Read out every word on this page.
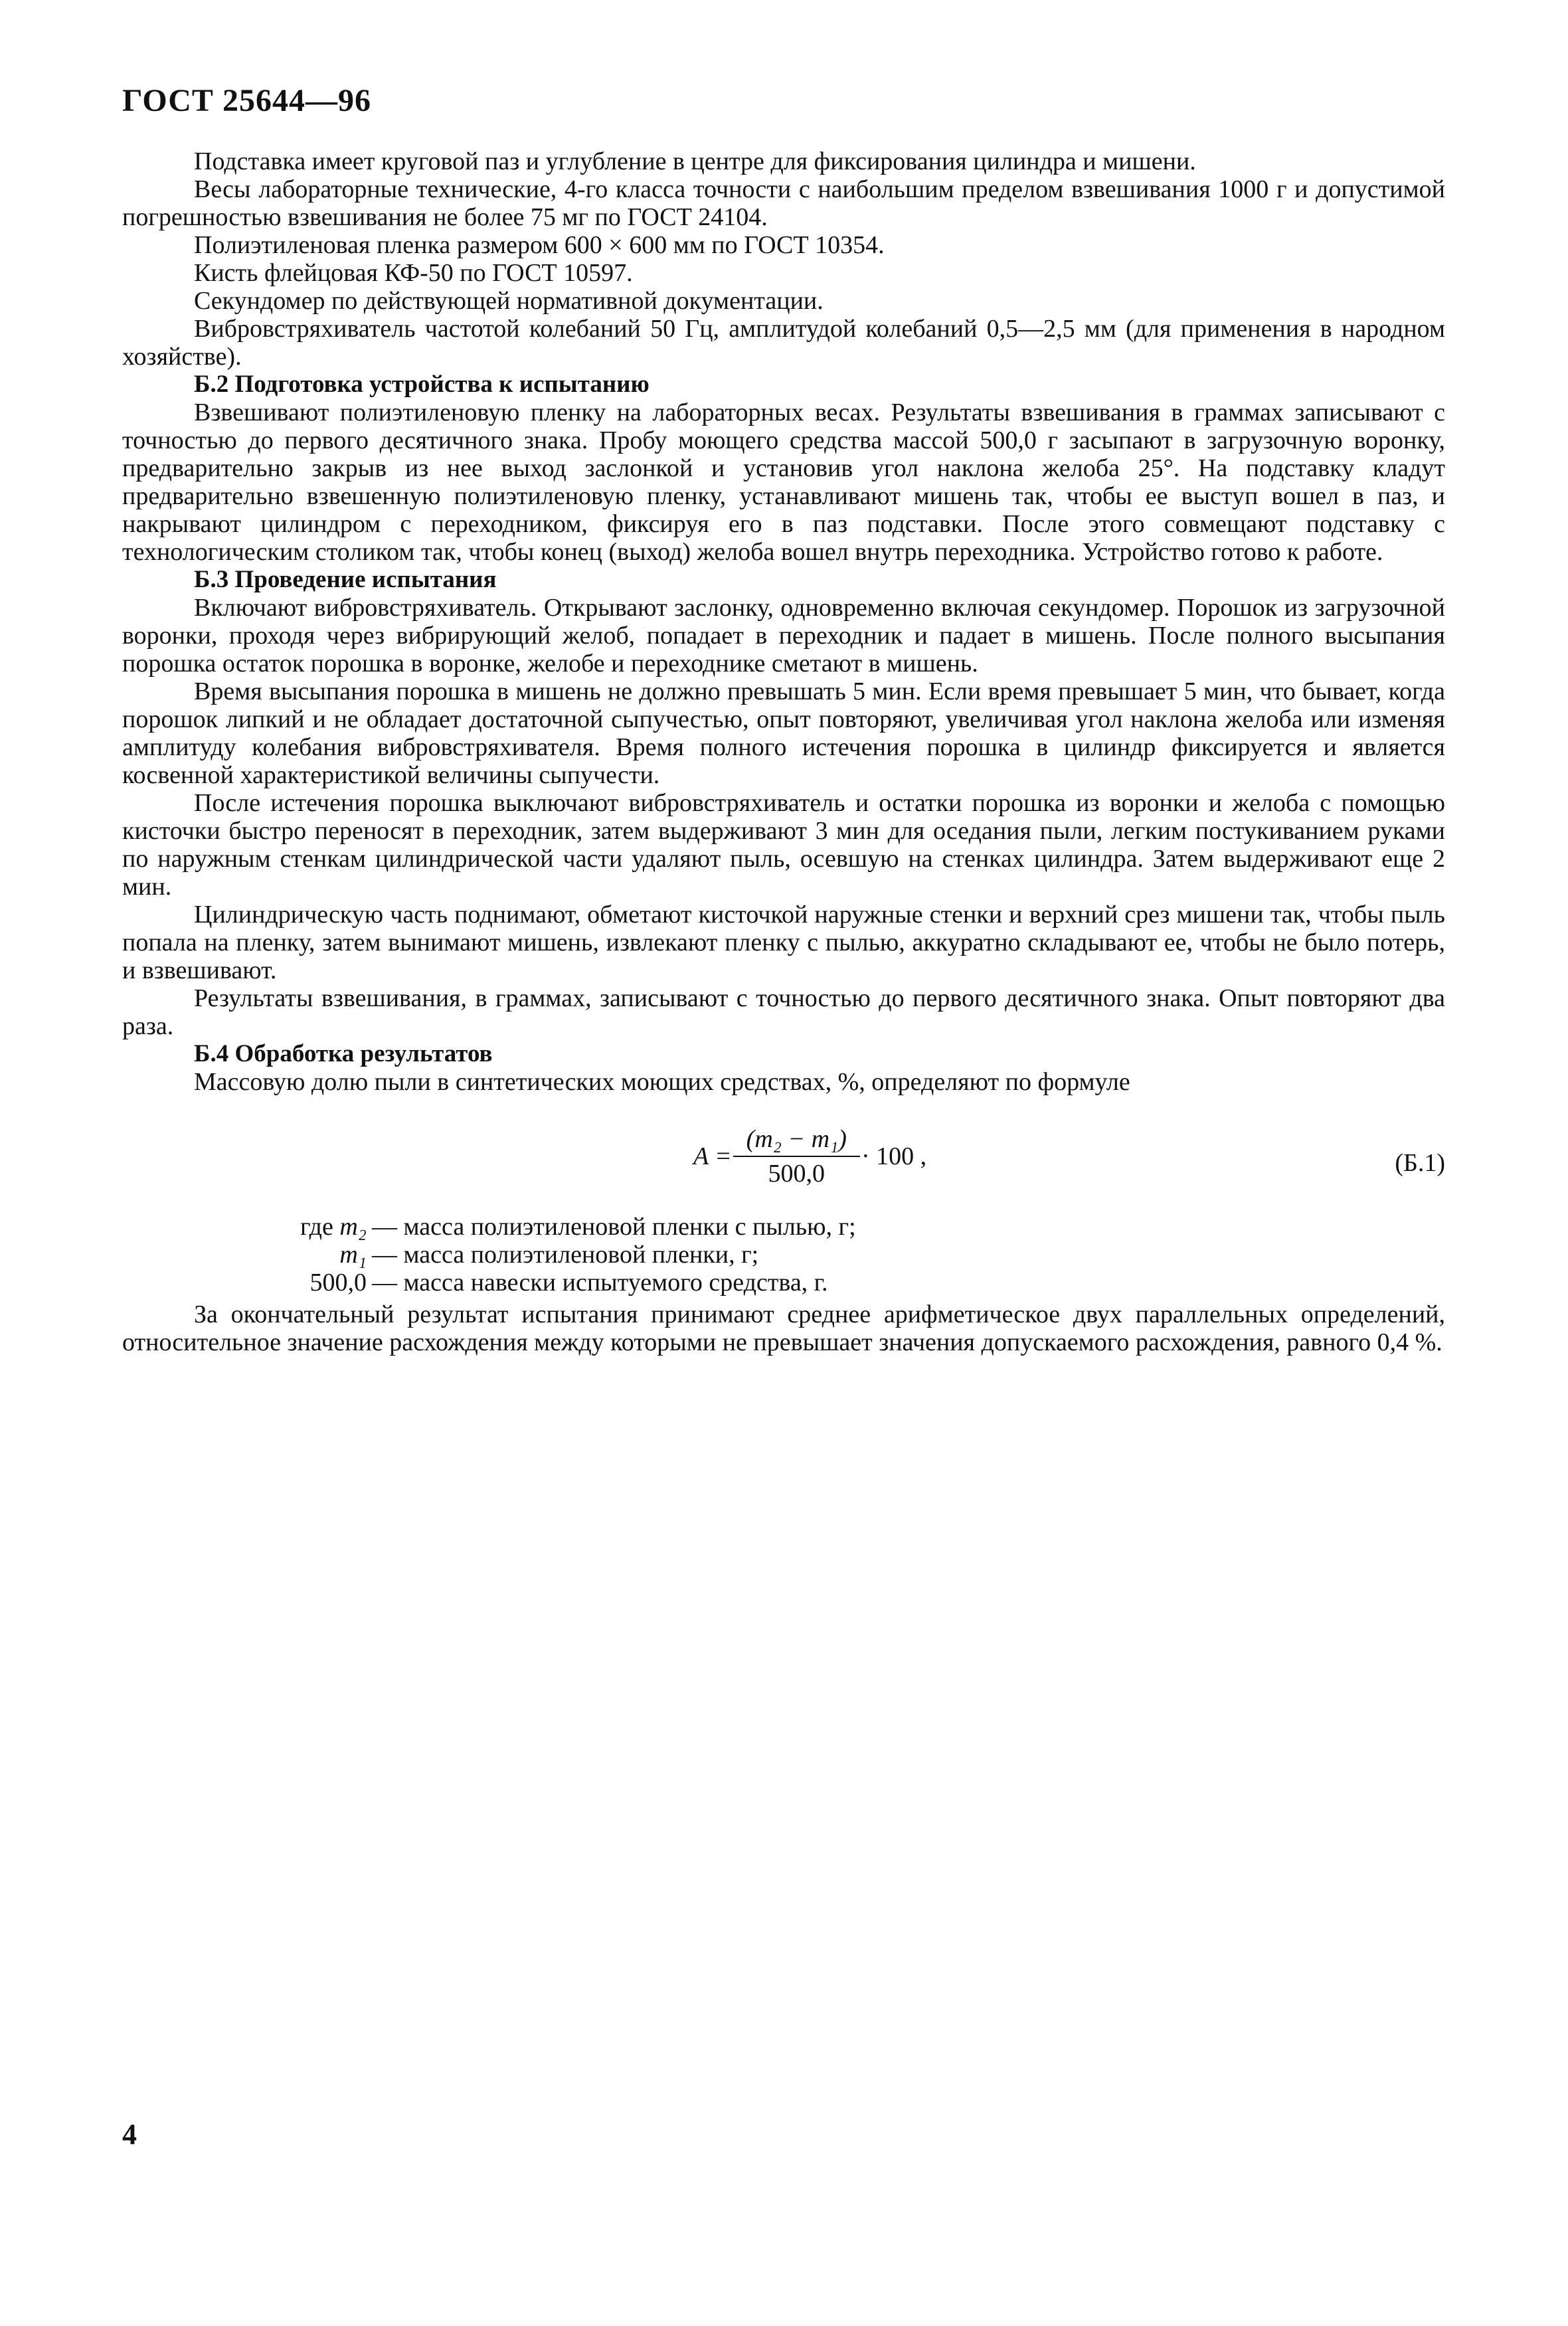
ГОСТ 25644—96

Подставка имеет круговой паз и углубление в центре для фиксирования цилиндра и мишени.

Весы лабораторные технические, 4-го класса точности с наибольшим пределом взвешивания 1000 г и допустимой погрешностью взвешивания не более 75 мг по ГОСТ 24104.

Полиэтиленовая пленка размером 600 × 600 мм по ГОСТ 10354.

Кисть флейцовая КФ-50 по ГОСТ 10597.

Секундомер по действующей нормативной документации.

Вибровстряхиватель частотой колебаний 50 Гц, амплитудой колебаний 0,5—2,5 мм (для применения в народном хозяйстве).

Б.2 Подготовка устройства к испытанию

Взвешивают полиэтиленовую пленку на лабораторных весах. Результаты взвешивания в граммах записывают с точностью до первого десятичного знака. Пробу моющего средства массой 500,0 г засыпают в загрузочную воронку, предварительно закрыв из нее выход заслонкой и установив угол наклона желоба 25°. На подставку кладут предварительно взвешенную полиэтиленовую пленку, устанавливают мишень так, чтобы ее выступ вошел в паз, и накрывают цилиндром с переходником, фиксируя его в паз подставки. После этого совмещают подставку с технологическим столиком так, чтобы конец (выход) желоба вошел внутрь переходника. Устройство готово к работе.

Б.3 Проведение испытания

Включают вибровстряхиватель. Открывают заслонку, одновременно включая секундомер. Порошок из загрузочной воронки, проходя через вибрирующий желоб, попадает в переходник и падает в мишень. После полного высыпания порошка остаток порошка в воронке, желобе и переходнике сметают в мишень.

Время высыпания порошка в мишень не должно превышать 5 мин. Если время превышает 5 мин, что бывает, когда порошок липкий и не обладает достаточной сыпучестью, опыт повторяют, увеличивая угол наклона желоба или изменяя амплитуду колебания вибровстряхивателя. Время полного истечения порошка в цилиндр фиксируется и является косвенной характеристикой величины сыпучести.

После истечения порошка выключают вибровстряхиватель и остатки порошка из воронки и желоба с помощью кисточки быстро переносят в переходник, затем выдерживают 3 мин для оседания пыли, легким постукиванием руками по наружным стенкам цилиндрической части удаляют пыль, осевшую на стенках цилиндра. Затем выдерживают еще 2 мин.

Цилиндрическую часть поднимают, обметают кисточкой наружные стенки и верхний срез мишени так, чтобы пыль попала на пленку, затем вынимают мишень, извлекают пленку с пылью, аккуратно складывают ее, чтобы не было потерь, и взвешивают.

Результаты взвешивания, в граммах, записывают с точностью до первого десятичного знака. Опыт повторяют два раза.

Б.4 Обработка результатов

Массовую долю пыли в синтетических моющих средствах, %, определяют по формуле

$A = \frac{\text{(m₂ − m₁)}}{500,0} \cdot 100$ ,	(Б.1)
где m₂ — масса полиэтиленовой пленки с пылью, г;
m₁ — масса полиэтиленовой пленки, г;
500,0 — масса навески испытуемого средства, г.

За окончательный результат испытания принимают среднее арифметическое двух параллельных определений, относительное значение расхождения между которыми не превышает значения допускаемого расхождения, равного 0,4 %.

4
